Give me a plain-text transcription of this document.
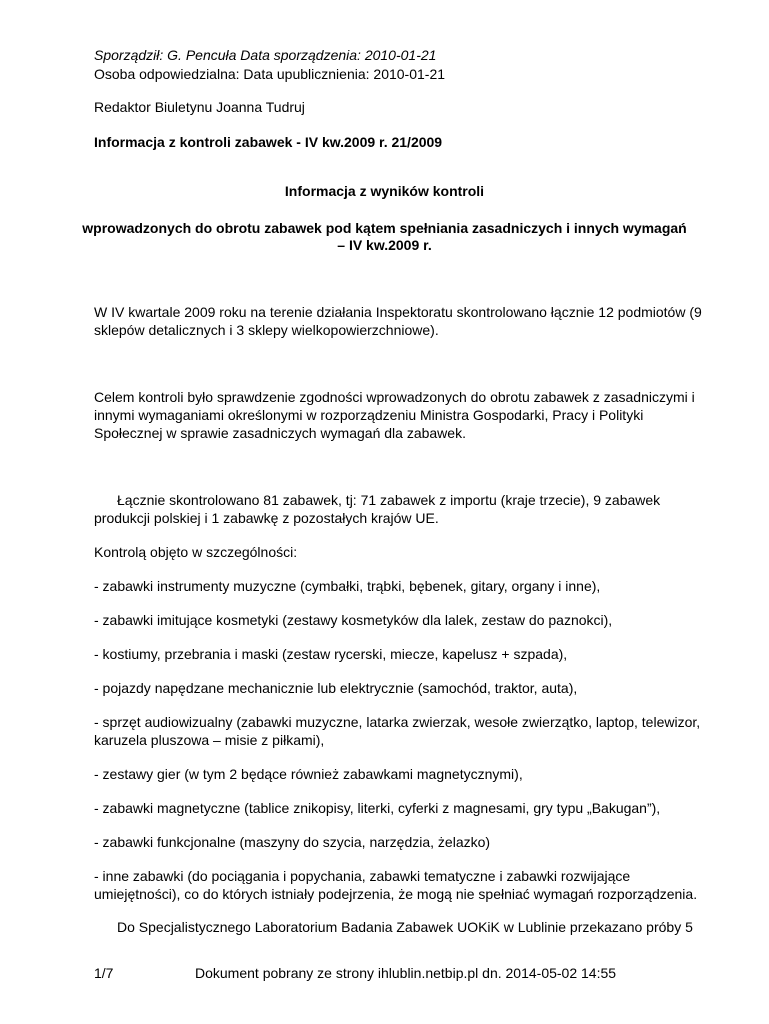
Sporządził: G. Pencuła Data sporządzenia: 2010-01-21

Osoba odpowiedzialna: Data upublicznienia: 2010-01-21

Redaktor Biuletynu Joanna Tudruj

Informacja z kontroli zabawek - IV kw.2009 r. 21/2009

Informacja z wyników kontroli

wprowadzonych do obrotu zabawek pod kątem spełniania zasadniczych i innych wymagań

– IV kw.2009 r.

W IV kwartale 2009 roku na terenie działania Inspektoratu skontrolowano łącznie 12 podmiotów (9

sklepów detalicznych i 3 sklepy wielkopowierzchniowe).

Celem kontroli było sprawdzenie zgodności wprowadzonych do obrotu zabawek z zasadniczymi i

innymi wymaganiami określonymi w rozporządzeniu Ministra Gospodarki, Pracy i Polityki

Społecznej w sprawie zasadniczych wymagań dla zabawek.

Łącznie skontrolowano 81 zabawek, tj: 71 zabawek z importu (kraje trzecie), 9 zabawek

produkcji polskiej i 1 zabawkę z pozostałych krajów UE.

Kontrolą objęto w szczególności:

- zabawki instrumenty muzyczne (cymbałki, trąbki, bębenek, gitary, organy i inne),

- zabawki imitujące kosmetyki (zestawy kosmetyków dla lalek, zestaw do paznokci),

- kostiumy, przebrania i maski (zestaw rycerski, miecze, kapelusz + szpada),

- pojazdy napędzane mechanicznie lub elektrycznie (samochód, traktor, auta),

- sprzęt audiowizualny (zabawki muzyczne, latarka zwierzak, wesołe zwierzątko, laptop, telewizor,

karuzela pluszowa – misie z piłkami),

- zestawy gier (w tym 2 będące również zabawkami magnetycznymi),

- zabawki magnetyczne (tablice znikopisy, literki, cyferki z magnesami, gry typu „Bakugan”),

- zabawki funkcjonalne (maszyny do szycia, narzędzia, żelazko)

- inne zabawki (do pociągania i popychania, zabawki tematyczne i zabawki rozwijające

umiejętności), co do których istniały podejrzenia, że mogą nie spełniać wymagań rozporządzenia.

Do Specjalistycznego Laboratorium Badania Zabawek UOKiK w Lublinie przekazano próby 5

1/7	Dokument pobrany ze strony ihlublin.netbip.pl dn. 2014-05-02 14:55
